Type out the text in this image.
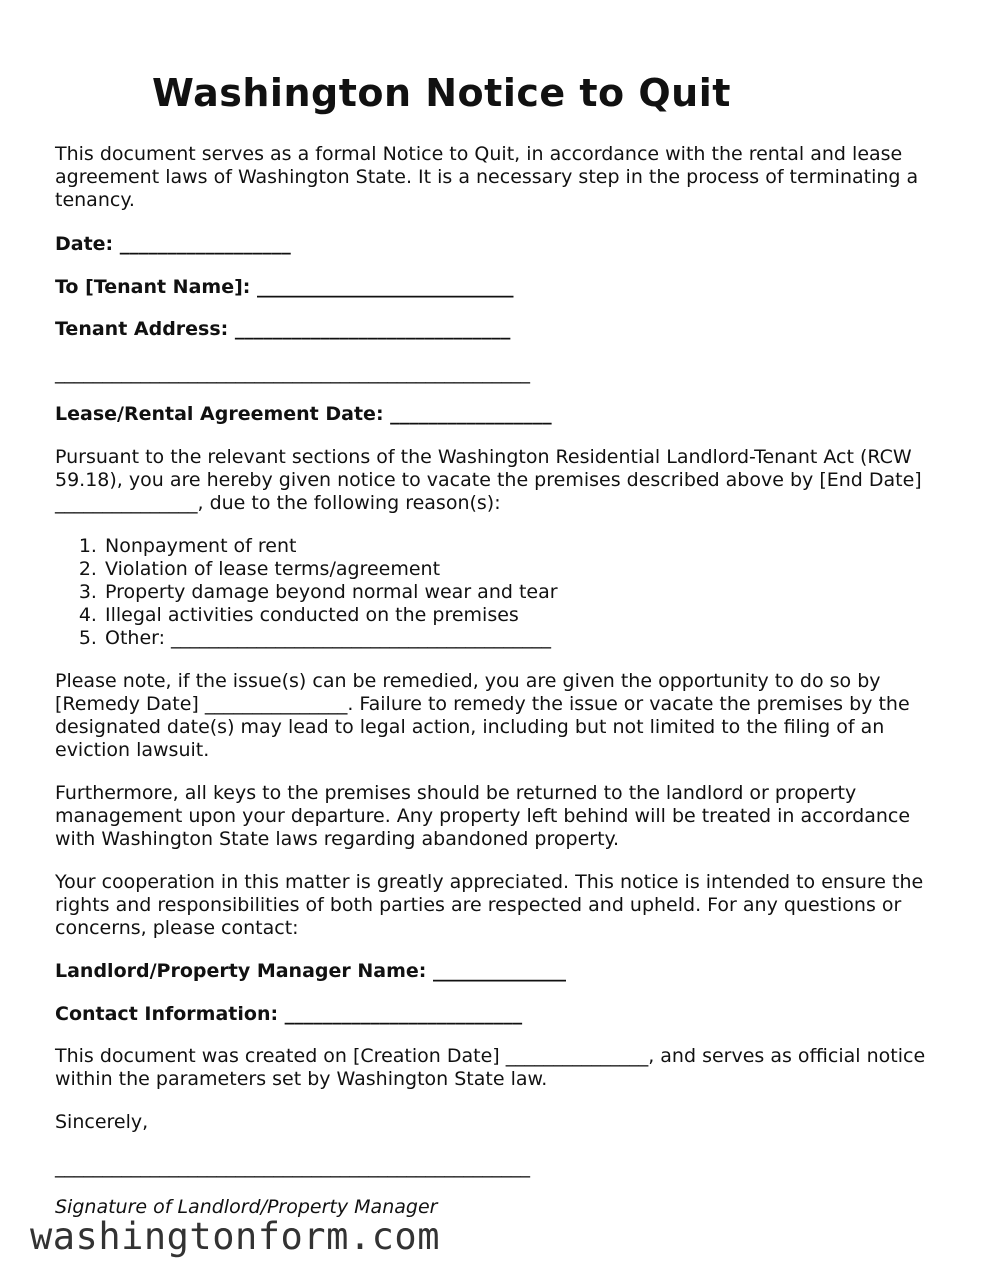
Washington Notice to Quit

This document serves as a formal Notice to Quit, in accordance with the rental and lease agreement laws of Washington State. It is a necessary step in the process of terminating a tenancy.

Date: __________________

To [Tenant Name]: ___________________________

Tenant Address: _____________________________

__________________________________________________

Lease/Rental Agreement Date: _________________

Pursuant to the relevant sections of the Washington Residential Landlord-Tenant Act (RCW 59.18), you are hereby given notice to vacate the premises described above by [End Date] _______________, due to the following reason(s):

1. Nonpayment of rent
2. Violation of lease terms/agreement
3. Property damage beyond normal wear and tear
4. Illegal activities conducted on the premises
5. Other: ________________________________________

Please note, if the issue(s) can be remedied, you are given the opportunity to do so by [Remedy Date] _______________. Failure to remedy the issue or vacate the premises by the designated date(s) may lead to legal action, including but not limited to the filing of an eviction lawsuit.

Furthermore, all keys to the premises should be returned to the landlord or property management upon your departure. Any property left behind will be treated in accordance with Washington State laws regarding abandoned property.

Your cooperation in this matter is greatly appreciated. This notice is intended to ensure the rights and responsibilities of both parties are respected and upheld. For any questions or concerns, please contact:

Landlord/Property Manager Name: ______________

Contact Information: _________________________

This document was created on [Creation Date] _______________, and serves as official notice within the parameters set by Washington State law.

Sincerely,

__________________________________________________

Signature of Landlord/Property Manager

washingtonform.com
